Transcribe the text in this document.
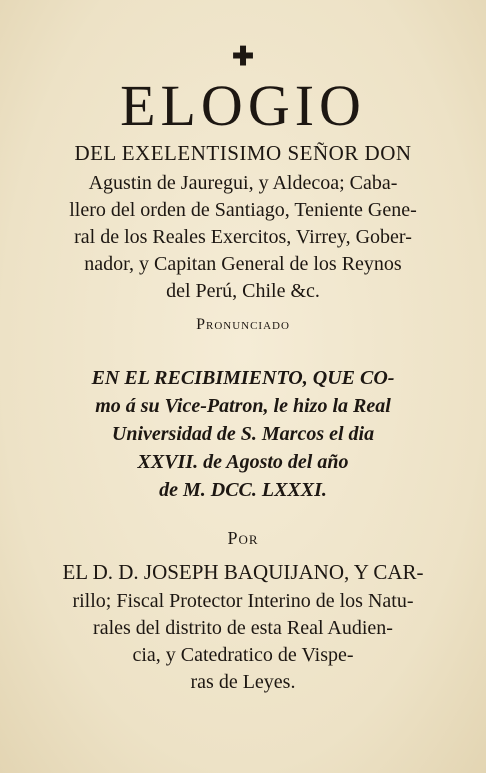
✚
ELOGIO
DEL EXELENTISIMO SEÑOR DON
Agustin de Jauregui, y Aldecoa; Caba-
llero del orden de Santiago, Teniente Gene-
ral de los Reales Exercitos, Virrey, Gober-
nador, y Capitan General de los Reynos
del Perú, Chile &c.
Pronunciado
EN EL RECIBIMIENTO, QUE CO-
mo á su Vice-Patron, le hizo la Real
Universidad de S. Marcos el dia
XXVII. de Agosto del año
de M. DCC. LXXXI.
Por
EL D. D. JOSEPH BAQUIJANO, Y CAR-
rillo; Fiscal Protector Interino de los Natu-
rales del distrito de esta Real Audien-
cia, y Catedratico de Vispe-
ras de Leyes.
